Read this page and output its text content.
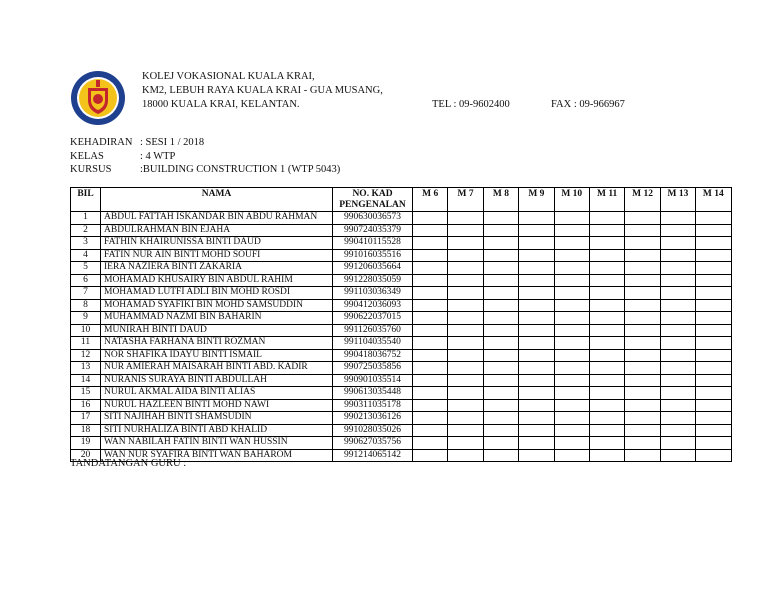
KOLEJ VOKASIONAL KUALA KRAI,
KM2, LEBUH RAYA KUALA KRAI - GUA MUSANG,
18000 KUALA KRAI, KELANTAN.	TEL : 09-9602400	FAX : 09-966967
KEHADIRAN : SESI 1 / 2018
KELAS	: 4 WTP
KURSUS	:BUILDING CONSTRUCTION 1 (WTP 5043)
BIL	NAMA	NO. KAD
PENGENALAN	M 6	M 7	M 8	M 9	M 10	M 11	M 12	M 13	M 14
1	ABDUL FATTAH ISKANDAR BIN ABDU RAHMAN	990630036573									
2	ABDULRAHMAN BIN EJAHA	990724035379									
3	FATHIN KHAIRUNISSA BINTI DAUD	990410115528									
4	FATIN NUR AIN BINTI MOHD SOUFI	991016035516									
5	IERA NAZIERA BINTI ZAKARIA	991206035664									
6	MOHAMAD KHUSAIRY BIN ABDUL RAHIM	991228035059									
7	MOHAMAD LUTFI ADLI BIN MOHD ROSDI	991103036349									
8	MOHAMAD SYAFIKI BIN MOHD SAMSUDDIN	990412036093									
9	MUHAMMAD NAZMI BIN BAHARIN	990622037015									
10	MUNIRAH BINTI DAUD	991126035760									
11	NATASHA FARHANA BINTI ROZMAN	991104035540									
12	NOR SHAFIKA IDAYU BINTI ISMAIL	990418036752									
13	NUR AMIERAH MAISARAH BINTI ABD. KADIR	990725035856									
14	NURANIS SURAYA BINTI ABDULLAH	990901035514									
15	NURUL AKMAL AIDA BINTI ALIAS	990613035448									
16	NURUL HAZLEEN BINTI MOHD NAWI	990311035178									
17	SITI NAJIHAH BINTI SHAMSUDIN	990213036126									
18	SITI NURHALIZA BINTI ABD KHALID	991028035026									
19	WAN NABILAH FATIN BINTI WAN HUSSIN	990627035756									
20	WAN NUR SYAFIRA BINTI WAN BAHAROM	991214065142									
TANDATANGAN GURU :
